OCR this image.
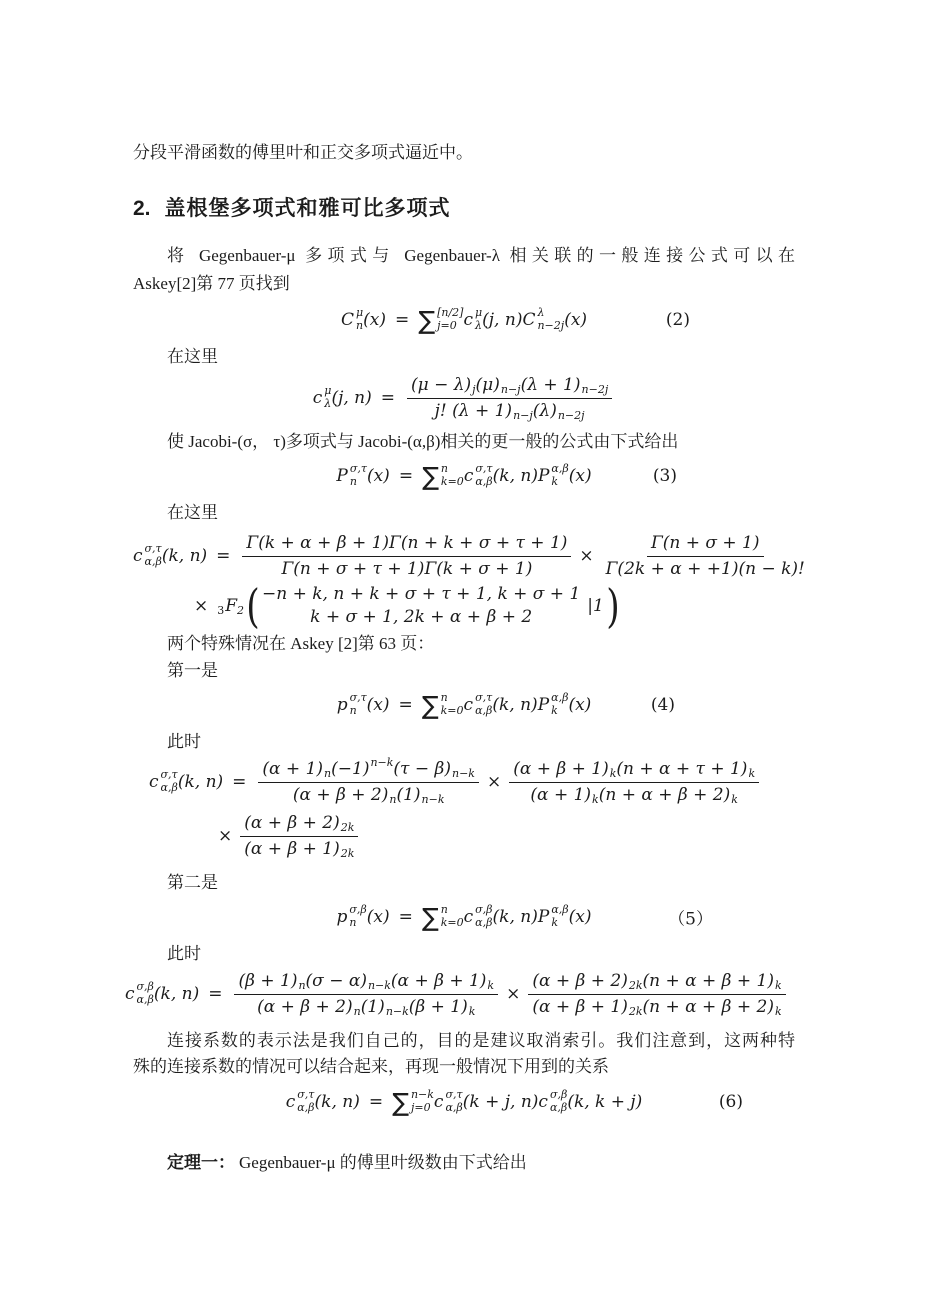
分段平滑函数的傅里叶和正交多项式逼近中。

2. 盖根堡多项式和雅可比多项式
将 Gegenbauer-μ 多项式与 Gegenbauer-λ 相关联的一般连接公式可以在
Askey[2]第 77 页找到
C μ
n (x) = ∑ [n/2]
j=0 c μ
λ (j, n) C λ
n−2j (x)	(2)
在这里
c μ
λ (j, $n) = \frac{(\mu - \lambda) j (\mu) n-j (\lambda + 1) n-2j}{j! (\lambda + 1) n-j (\lambda) n-2j}$
使 Jacobi-(σ， τ)多项式与 Jacobi-(α,β)相关的更一般的公式由下式给出
P σ,τ
n (x) = ∑ n
k=0 c σ,τ
α,β (k, n) P α,β
k (x)	(3)
在这里
c σ,τ
α,β (k, $n) = \frac{\Gamma(k + \alpha + \beta + 1)\Gamma(n + k + \sigma + \tau + 1)}{\Gamma(n + \sigma + \tau + 1)\Gamma(k + \sigma + 1)} \times \frac{\Gamma(n + \sigma + 1)}{\Gamma(2k + \alpha + +1)(n - k)!}$
× 3 F 2 ( −n + k, n + k + σ + τ + 1, k + σ + 1
k + σ + 1, 2k + α + β + 2
|1 )
两个特殊情况在 Askey [2]第 63 页：
第一是
p σ,τ
n (x) = ∑ n
k=0 c σ,τ
α,β (k, n) P α,β
k (x)	(4)
此时
c σ,τ
α,β (k, $n) = \frac{(\alpha + 1) n (-1) n-k (\tau - \beta) n-k}{(\alpha + \beta + 2) n (1) n-k} \times \frac{(\alpha + \beta + 1) k (n + \alpha + \tau + 1) k}{(\alpha + 1) k (n + \alpha + \beta + 2) k}$
× $\frac{(\alpha + \beta + 2) 2k}{(\alpha + \beta + 1) 2k}$
第二是
p σ,β
n (x) = ∑ n
k=0 c σ,β
α,β (k, n) P α,β
k (x)	（5）
此时
c σ,β
α,β (k, $n) = \frac{(\beta + 1) n (\sigma - \alpha) n-k (\alpha + \beta + 1) k}{(\alpha + \beta + 2) n (1) n-k (\beta + 1) k} \times \frac{(\alpha + \beta + 2) 2k (n + \alpha + \beta + 1) k}{(\alpha + \beta + 1) 2k (n + \alpha + \beta + 2) k}$
连接系数的表示法是我们自己的，目的是建议取消索引。我们注意到，这两种特
殊的连接系数的情况可以结合起来，再现一般情况下用到的关系
c σ,τ
α,β (k, n) = ∑ n−k
j=0 c σ,τ
α,β (k + j, n) c σ,β
α,β (k, k + j)	(6)
定理一： Gegenbauer-μ 的傅里叶级数由下式给出
